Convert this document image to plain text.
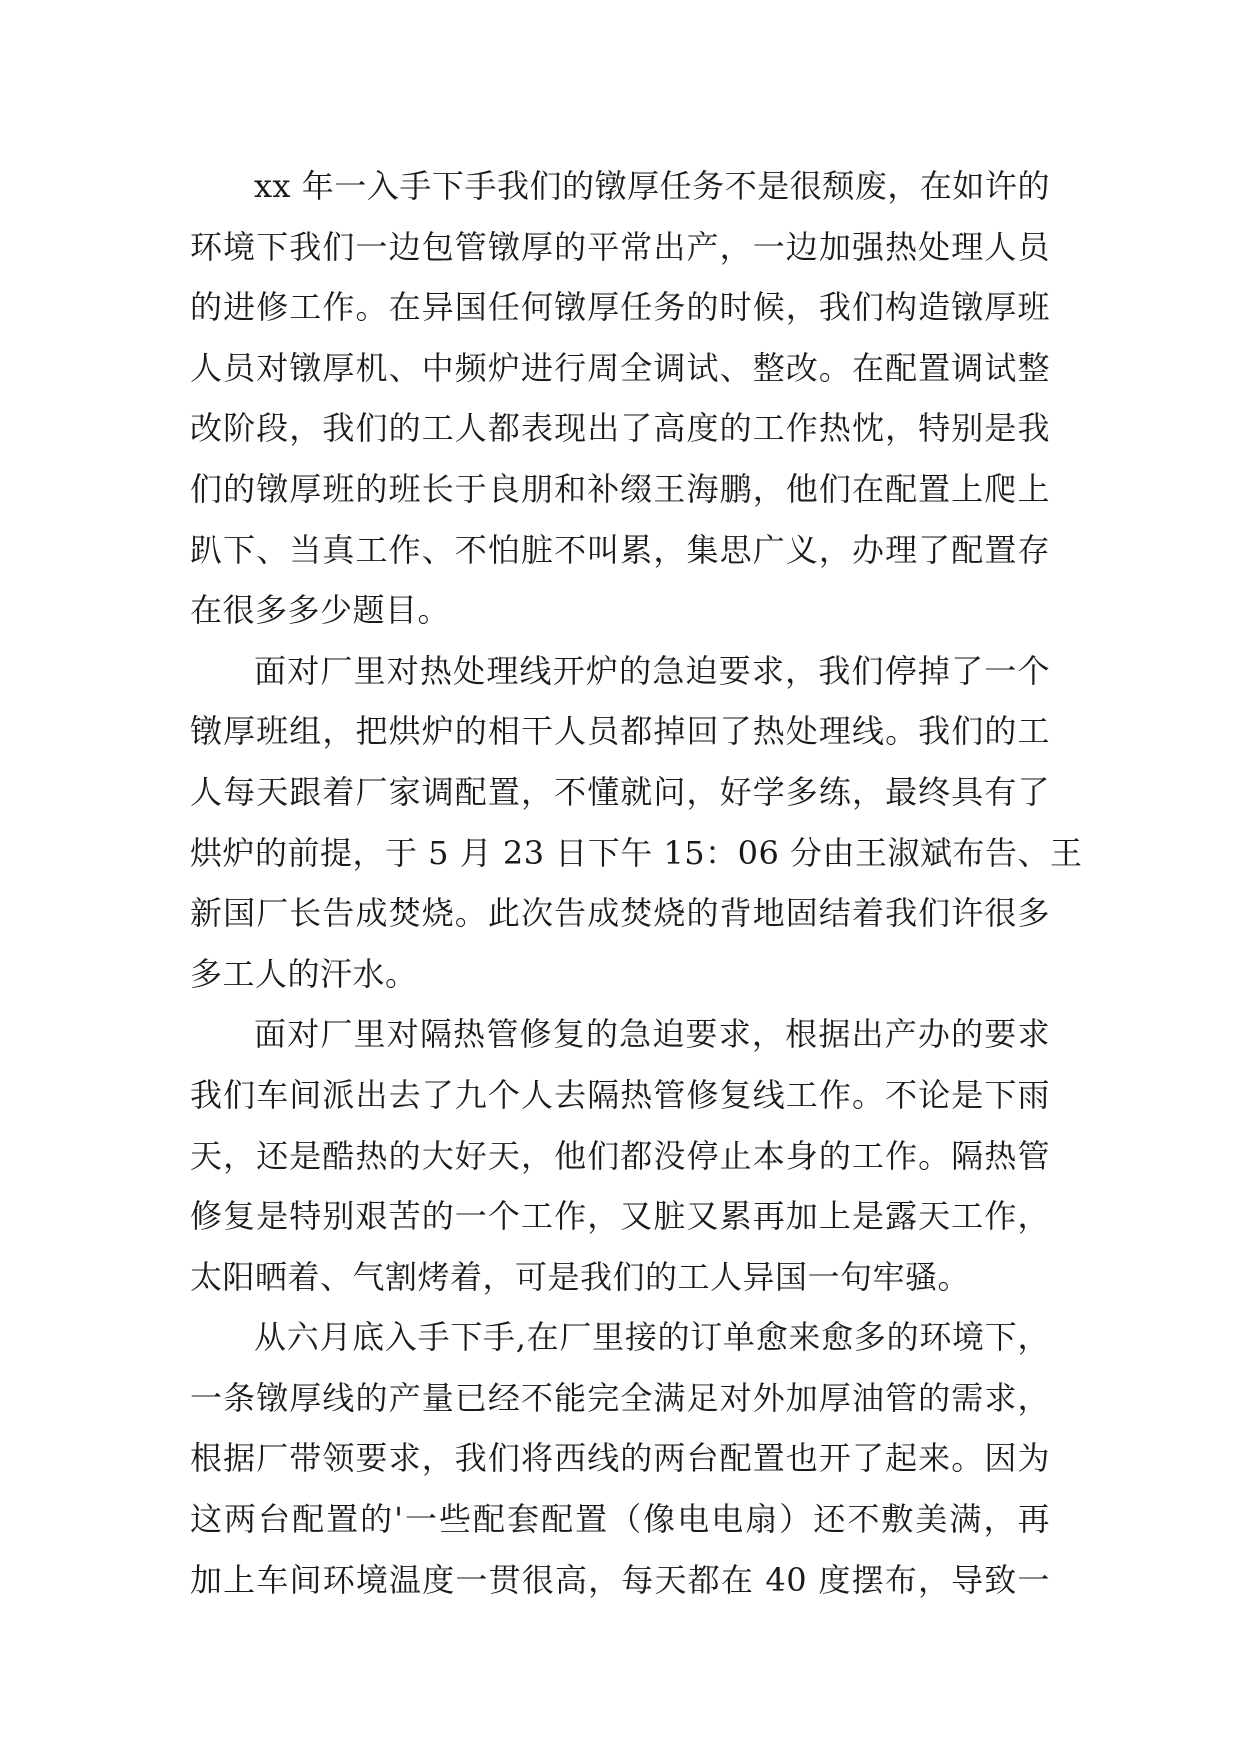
xx 年一入手下手我们的镦厚任务不是很颓废，在如许的
环境下我们一边包管镦厚的平常出产，一边加强热处理人员
的进修工作。在异国任何镦厚任务的时候，我们构造镦厚班
人员对镦厚机、中频炉进行周全调试、整改。在配置调试整
改阶段，我们的工人都表现出了高度的工作热忱，特别是我
们的镦厚班的班长于良朋和补缀王海鹏，他们在配置上爬上
趴下、当真工作、不怕脏不叫累，集思广义，办理了配置存
在很多多少题目。
面对厂里对热处理线开炉的急迫要求，我们停掉了一个
镦厚班组，把烘炉的相干人员都掉回了热处理线。我们的工
人每天跟着厂家调配置，不懂就问，好学多练，最终具有了
烘炉的前提，于 5 月 23 日下午 15：06 分由王淑斌布告、王
新国厂长告成焚烧。此次告成焚烧的背地固结着我们许很多
多工人的汗水。
面对厂里对隔热管修复的急迫要求，根据出产办的要求
我们车间派出去了九个人去隔热管修复线工作。不论是下雨
天，还是酷热的大好天，他们都没停止本身的工作。隔热管
修复是特别艰苦的一个工作，又脏又累再加上是露天工作，
太阳晒着、气割烤着，可是我们的工人异国一句牢骚。
从六月底入手下手,在厂里接的订单愈来愈多的环境下，
一条镦厚线的产量已经不能完全满足对外加厚油管的需求，
根据厂带领要求，我们将西线的两台配置也开了起来。因为
这两台配置的'一些配套配置（像电电扇）还不敷美满，再
加上车间环境温度一贯很高，每天都在 40 度摆布，导致一
